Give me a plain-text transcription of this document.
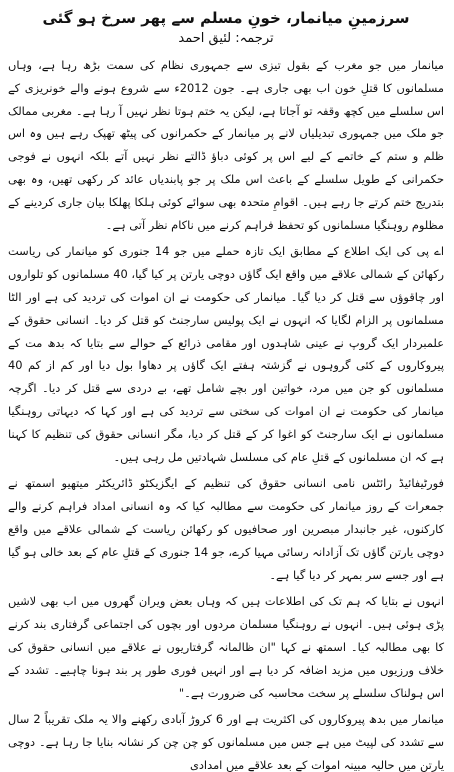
سرزمینِ میانمار، خونِ مسلم سے پھر سرخ ہو گئی
ترجمہ: لئیق احمد

میانمار میں جو مغرب کے بقول تیزی سے جمہوری نظام کی سمت بڑھ رہا ہے، وہاں مسلمانوں کا قتلِ خون اب بھی جاری ہے۔ جون 2012ء سے شروع ہونے والے خونریزی کے اس سلسلے میں کچھ وقفہ تو آجاتا ہے، لیکن یہ ختم ہوتا نظر نہیں آ رہا ہے۔ مغربی ممالک جو ملک میں جمہوری تبدیلیاں لانے پر میانمار کے حکمرانوں کی پیٹھ تھپک رہے ہیں وہ اس ظلم و ستم کے خاتمے کے لیے اس پر کوئی دباؤ ڈالتے نظر نہیں آتے بلکہ انہوں نے فوجی حکمرانی کے طویل سلسلے کے باعث اس ملک پر جو پابندیاں عائد کر رکھی تھیں، وہ بھی بتدریج ختم کرتے جا رہے ہیں۔ اقوامِ متحدہ بھی سوائے کوئی ہلکا پھلکا بیان جاری کردینے کے مظلوم روہنگیا مسلمانوں کو تحفظ فراہم کرنے میں ناکام نظر آتی ہے۔

اے پی کی ایک اطلاع کے مطابق ایک تازہ حملے میں جو 14 جنوری کو میانمار کی ریاست رکھائن کے شمالی علاقے میں واقع ایک گاؤں دوچی یارتن پر کیا گیا، 40 مسلمانوں کو تلواروں اور چاقوؤں سے قتل کر دیا گیا۔ میانمار کی حکومت نے ان اموات کی تردید کی ہے اور الٹا مسلمانوں پر الزام لگایا کہ انہوں نے ایک پولیس سارجنٹ کو قتل کر دیا۔ انسانی حقوق کے علمبردار ایک گروپ نے عینی شاہدوں اور مقامی ذرائع کے حوالے سے بتایا کہ بدھ مت کے پیروکاروں کے کئی گروہوں نے گزشتہ ہفتے ایک گاؤں پر دھاوا بول دیا اور کم از کم 40 مسلمانوں کو جن میں مرد، خواتین اور بچے شامل تھے، بے دردی سے قتل کر دیا۔ اگرچہ میانمار کی حکومت نے ان اموات کی سختی سے تردید کی ہے اور کہا کہ دیہاتی روہنگیا مسلمانوں نے ایک سارجنٹ کو اغوا کر کے قتل کر دیا، مگر انسانی حقوق کی تنظیم کا کہنا ہے کہ ان مسلمانوں کے قتلِ عام کی مسلسل شہادتیں مل رہی ہیں۔

فورٹیفائیڈ رائٹس نامی انسانی حقوق کی تنظیم کے ایگزیکٹو ڈائریکٹر میتھیو اسمتھ نے جمعرات کے روز میانمار کی حکومت سے مطالبہ کیا کہ وہ انسانی امداد فراہم کرنے والے کارکنوں، غیر جانبدار مبصرین اور صحافیوں کو رکھائن ریاست کے شمالی علاقے میں واقع دوچی یارتن گاؤں تک آزادانہ رسائی مہیا کرے، جو 14 جنوری کے قتلِ عام کے بعد خالی ہو گیا ہے اور جسے سر بمہر کر دیا گیا ہے۔

انہوں نے بتایا کہ ہم تک کی اطلاعات ہیں کہ وہاں بعض ویران گھروں میں اب بھی لاشیں پڑی ہوئی ہیں۔ انہوں نے روہنگیا مسلمان مردوں اور بچوں کی اجتماعی گرفتاری بند کرنے کا بھی مطالبہ کیا۔ اسمتھ نے کہا "ان ظالمانہ گرفتاریوں نے علاقے میں انسانی حقوق کی خلاف ورزیوں میں مزید اضافہ کر دیا ہے اور انہیں فوری طور پر بند ہونا چاہیے۔ تشدد کے اس ہولناک سلسلے پر سخت محاسبہ کی ضرورت ہے۔"

میانمار میں بدھ پیروکاروں کی اکثریت ہے اور 6 کروڑ آبادی رکھنے والا یہ ملک تقریباً 2 سال سے تشدد کی لپیٹ میں ہے جس میں مسلمانوں کو چن چن کر نشانہ بنایا جا رہا ہے۔ دوچی یارتن میں حالیہ مبینہ اموات کے بعد علاقے میں امدادی
